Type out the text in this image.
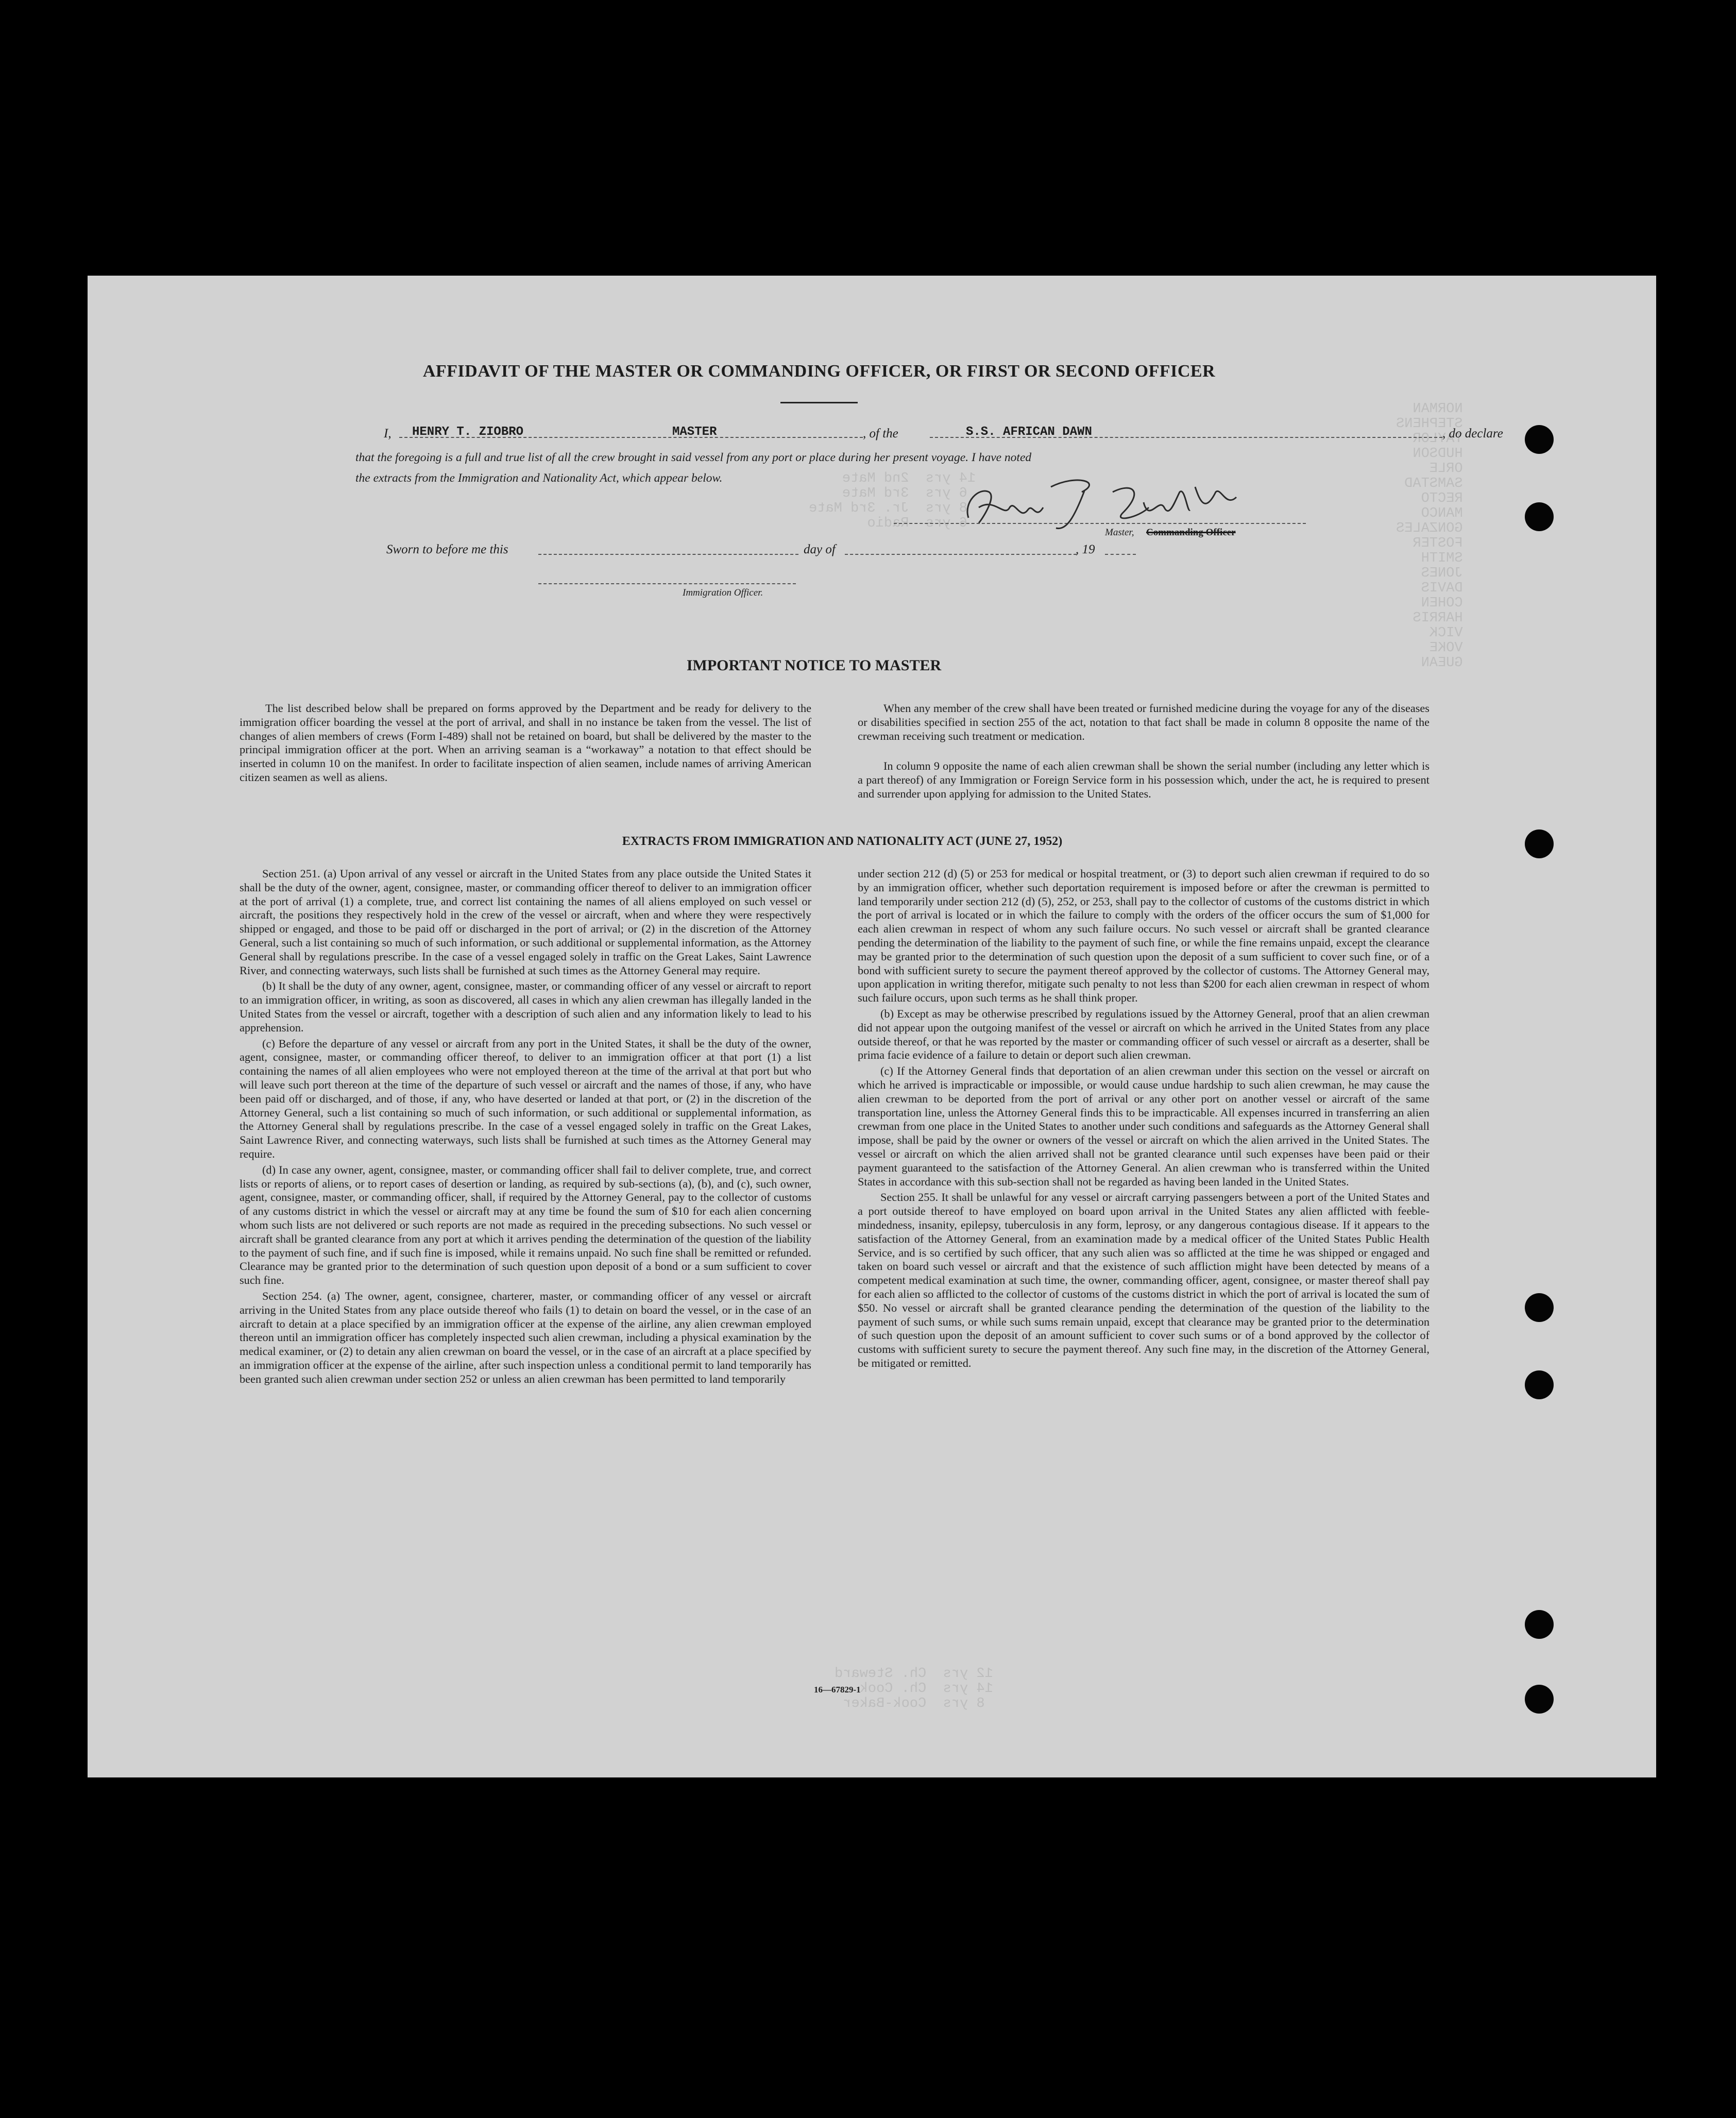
NORMAN
STEPHENS
TAYLOR
HUDSON
ORLE
SAMSTAD
RECTO
MANCO
GONZALES
FOSTER
SMITH
JONES
DAVIS
COHEN
HARRIS
VICK
VOKE
GUEAN
14 yrs  2nd Mate
6 yrs  3rd Mate
8 yrs  Jr. 3rd Mate
6 yrs  Radio
12 yrs  Ch. Steward
14 yrs  Ch. Cook
8 yrs  Cook-Baker
AFFIDAVIT OF THE MASTER OR COMMANDING OFFICER, OR FIRST OR SECOND OFFICER
I, HENRY T. ZIOBRO	MASTER	, of the	S.S. AFRICAN DAWN	, do declare
that the foregoing is a full and true list of all the crew brought in said vessel from any port or place during her present voyage. I have noted
the extracts from the Immigration and Nationality Act, which appear below.
Master, Commanding Officer
Sworn to before me this	day of	, 19
Immigration Officer.
IMPORTANT NOTICE TO MASTER

The list described below shall be prepared on forms approved by the Department and be ready for delivery to the immigration officer boarding the vessel at the port of arrival, and shall in no instance be taken from the vessel. The list of changes of alien members of crews (Form I-489) shall not be retained on board, but shall be delivered by the master to the principal immigration officer at the port. When an arriving seaman is a “workaway” a notation to that effect should be inserted in column 10 on the manifest. In order to facilitate inspection of alien seamen, include names of arriving American citizen seamen as well as aliens.

When any member of the crew shall have been treated or furnished medicine during the voyage for any of the diseases or disabilities specified in section 255 of the act, notation to that fact shall be made in column 8 opposite the name of the crewman receiving such treatment or medication.

In column 9 opposite the name of each alien crewman shall be shown the serial number (including any letter which is a part thereof) of any Immigration or Foreign Service form in his possession which, under the act, he is required to present and surrender upon applying for admission to the United States.

EXTRACTS FROM IMMIGRATION AND NATIONALITY ACT (JUNE 27, 1952)

Section 251. (a) Upon arrival of any vessel or aircraft in the United States from any place outside the United States it shall be the duty of the owner, agent, consignee, master, or commanding officer thereof to deliver to an immigration officer at the port of arrival (1) a complete, true, and correct list containing the names of all aliens employed on such vessel or aircraft, the positions they respectively hold in the crew of the vessel or aircraft, when and where they were respectively shipped or engaged, and those to be paid off or discharged in the port of arrival; or (2) in the discretion of the Attorney General, such a list containing so much of such information, or such additional or supplemental information, as the Attorney General shall by regulations prescribe. In the case of a vessel engaged solely in traffic on the Great Lakes, Saint Lawrence River, and connecting waterways, such lists shall be furnished at such times as the Attorney General may require.

(b) It shall be the duty of any owner, agent, consignee, master, or commanding officer of any vessel or aircraft to report to an immigration officer, in writing, as soon as discovered, all cases in which any alien crewman has illegally landed in the United States from the vessel or aircraft, together with a description of such alien and any information likely to lead to his apprehension.

(c) Before the departure of any vessel or aircraft from any port in the United States, it shall be the duty of the owner, agent, consignee, master, or commanding officer thereof, to deliver to an immigration officer at that port (1) a list containing the names of all alien employees who were not employed thereon at the time of the arrival at that port but who will leave such port thereon at the time of the departure of such vessel or aircraft and the names of those, if any, who have been paid off or discharged, and of those, if any, who have deserted or landed at that port, or (2) in the discretion of the Attorney General, such a list containing so much of such information, or such additional or supplemental information, as the Attorney General shall by regulations prescribe. In the case of a vessel engaged solely in traffic on the Great Lakes, Saint Lawrence River, and connecting waterways, such lists shall be furnished at such times as the Attorney General may require.

(d) In case any owner, agent, consignee, master, or commanding officer shall fail to deliver complete, true, and correct lists or reports of aliens, or to report cases of desertion or landing, as required by sub-sections (a), (b), and (c), such owner, agent, consignee, master, or commanding officer, shall, if required by the Attorney General, pay to the collector of customs of any customs district in which the vessel or aircraft may at any time be found the sum of $10 for each alien concerning whom such lists are not delivered or such reports are not made as required in the preceding subsections. No such vessel or aircraft shall be granted clearance from any port at which it arrives pending the determination of the question of the liability to the payment of such fine, and if such fine is imposed, while it remains unpaid. No such fine shall be remitted or refunded. Clearance may be granted prior to the determination of such question upon deposit of a bond or a sum sufficient to cover such fine.

Section 254. (a) The owner, agent, consignee, charterer, master, or commanding officer of any vessel or aircraft arriving in the United States from any place outside thereof who fails (1) to detain on board the vessel, or in the case of an aircraft to detain at a place specified by an immigration officer at the expense of the airline, any alien crewman employed thereon until an immigration officer has completely inspected such alien crewman, including a physical examination by the medical examiner, or (2) to detain any alien crewman on board the vessel, or in the case of an aircraft at a place specified by an immigration officer at the expense of the airline, after such inspection unless a conditional permit to land temporarily has been granted such alien crewman under section 252 or unless an alien crewman has been permitted to land temporarily

under section 212 (d) (5) or 253 for medical or hospital treatment, or (3) to deport such alien crewman if required to do so by an immigration officer, whether such deportation requirement is imposed before or after the crewman is permitted to land temporarily under section 212 (d) (5), 252, or 253, shall pay to the collector of customs of the customs district in which the port of arrival is located or in which the failure to comply with the orders of the officer occurs the sum of $1,000 for each alien crewman in respect of whom any such failure occurs. No such vessel or aircraft shall be granted clearance pending the determination of the liability to the payment of such fine, or while the fine remains unpaid, except the clearance may be granted prior to the determination of such question upon the deposit of a sum sufficient to cover such fine, or of a bond with sufficient surety to secure the payment thereof approved by the collector of customs. The Attorney General may, upon application in writing therefor, mitigate such penalty to not less than $200 for each alien crewman in respect of whom such failure occurs, upon such terms as he shall think proper.

(b) Except as may be otherwise prescribed by regulations issued by the Attorney General, proof that an alien crewman did not appear upon the outgoing manifest of the vessel or aircraft on which he arrived in the United States from any place outside thereof, or that he was reported by the master or commanding officer of such vessel or aircraft as a deserter, shall be prima facie evidence of a failure to detain or deport such alien crewman.

(c) If the Attorney General finds that deportation of an alien crewman under this section on the vessel or aircraft on which he arrived is impracticable or impossible, or would cause undue hardship to such alien crewman, he may cause the alien crewman to be deported from the port of arrival or any other port on another vessel or aircraft of the same transportation line, unless the Attorney General finds this to be impracticable. All expenses incurred in transferring an alien crewman from one place in the United States to another under such conditions and safeguards as the Attorney General shall impose, shall be paid by the owner or owners of the vessel or aircraft on which the alien arrived in the United States. The vessel or aircraft on which the alien arrived shall not be granted clearance until such expenses have been paid or their payment guaranteed to the satisfaction of the Attorney General. An alien crewman who is transferred within the United States in accordance with this sub-section shall not be regarded as having been landed in the United States.

Section 255. It shall be unlawful for any vessel or aircraft carrying passengers between a port of the United States and a port outside thereof to have employed on board upon arrival in the United States any alien afflicted with feeble-mindedness, insanity, epilepsy, tuberculosis in any form, leprosy, or any dangerous contagious disease. If it appears to the satisfaction of the Attorney General, from an examination made by a medical officer of the United States Public Health Service, and is so certified by such officer, that any such alien was so afflicted at the time he was shipped or engaged and taken on board such vessel or aircraft and that the existence of such affliction might have been detected by means of a competent medical examination at such time, the owner, commanding officer, agent, consignee, or master thereof shall pay for each alien so afflicted to the collector of customs of the customs district in which the port of arrival is located the sum of $50. No vessel or aircraft shall be granted clearance pending the determination of the question of the liability to the payment of such sums, or while such sums remain unpaid, except that clearance may be granted prior to the determination of such question upon the deposit of an amount sufficient to cover such sums or of a bond approved by the collector of customs with sufficient surety to secure the payment thereof. Any such fine may, in the discretion of the Attorney General, be mitigated or remitted.

16—67829-1
